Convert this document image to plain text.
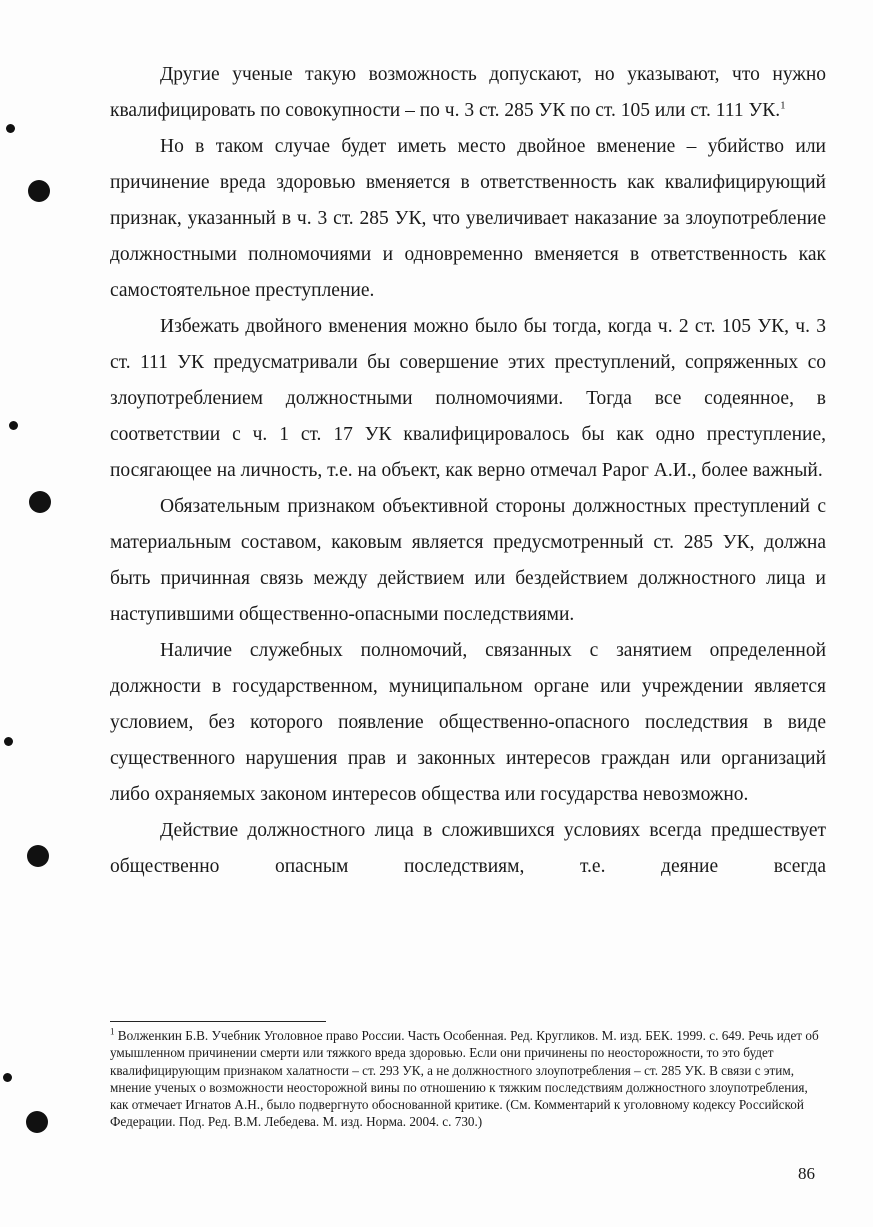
Другие ученые такую возможность допускают, но указывают, что нужно квалифицировать по совокупности – по ч. 3 ст. 285 УК по ст. 105 или ст. 111 УК.$^1$

Но в таком случае будет иметь место двойное вменение – убийство или причинение вреда здоровью вменяется в ответственность как квалифицирующий признак, указанный в ч. 3 ст. 285 УК, что увеличивает наказание за злоупотребление должностными полномочиями и одновременно вменяется в ответственность как самостоятельное преступление.

Избежать двойного вменения можно было бы тогда, когда ч. 2 ст. 105 УК, ч. 3 ст. 111 УК предусматривали бы совершение этих преступлений, сопряженных со злоупотреблением должностными полномочиями. Тогда все содеянное, в соответствии с ч. 1 ст. 17 УК квалифицировалось бы как одно преступление, посягающее на личность, т.е. на объект, как верно отмечал Рарог А.И., более важный.

Обязательным признаком объективной стороны должностных преступлений с материальным составом, каковым является предусмотренный ст. 285 УК, должна быть причинная связь между действием или бездействием должностного лица и наступившими общественно-опасными последствиями.

Наличие служебных полномочий, связанных с занятием определенной должности в государственном, муниципальном органе или учреждении является условием, без которого появление общественно-опасного последствия в виде существенного нарушения прав и законных интересов граждан или организаций либо охраняемых законом интересов общества или государства невозможно.

Действие должностного лица в сложившихся условиях всегда предшествует общественно опасным последствиям, т.е. деяние всегда

$^1$ Волженкин Б.В. Учебник Уголовное право России. Часть Особенная. Ред. Кругликов. М. изд. БЕК. 1999. с. 649. Речь идет об умышленном причинении смерти или тяжкого вреда здоровью. Если они причинены по неосторожности, то это будет квалифицирующим признаком халатности – ст. 293 УК, а не должностного злоупотребления – ст. 285 УК. В связи с этим, мнение ученых о возможности неосторожной вины по отношению к тяжким последствиям должностного злоупотребления, как отмечает Игнатов А.Н., было подвергнуто обоснованной критике. (См. Комментарий к уголовному кодексу Российской Федерации. Под. Ред. В.М. Лебедева. М. изд. Норма. 2004. с. 730.)

86
